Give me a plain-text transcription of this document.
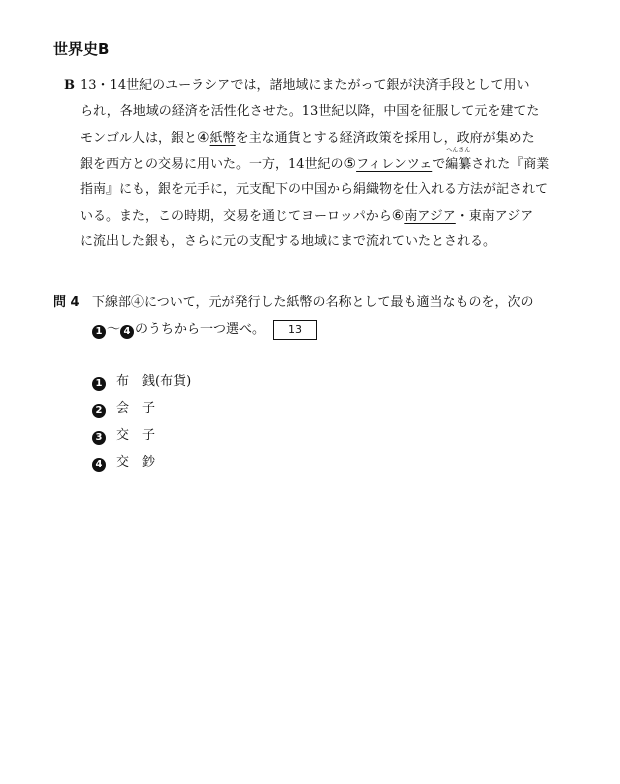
世界史B
B 13・14世紀のユーラシアでは，諸地域にまたがって銀が決済手段として用い
られ，各地域の経済を活性化させた。13世紀以降，中国を征服して元を建てた
モンゴル人は，銀と④紙幣を主な通貨とする経済政策を採用し，政府が集めた
銀を西方との交易に用いた。一方，14世紀の⑤フィレンツェで
へんさん
編纂された『商業
指南』にも，銀を元手に，元支配下の中国から絹織物を仕入れる方法が記されて
いる。また，この時期，交易を通じてヨーロッパから⑥南アジア・東南アジア
に流出した銀も，さらに元の支配する地域にまで流れていたとされる。
問 4 下線部④について，元が発行した紙幣の名称として最も適当なものを，次の
1 〜 4 のうちから一つ選べ。 13
1 布　銭(布貨)
2 会　子
3 交　子
4 交　鈔
